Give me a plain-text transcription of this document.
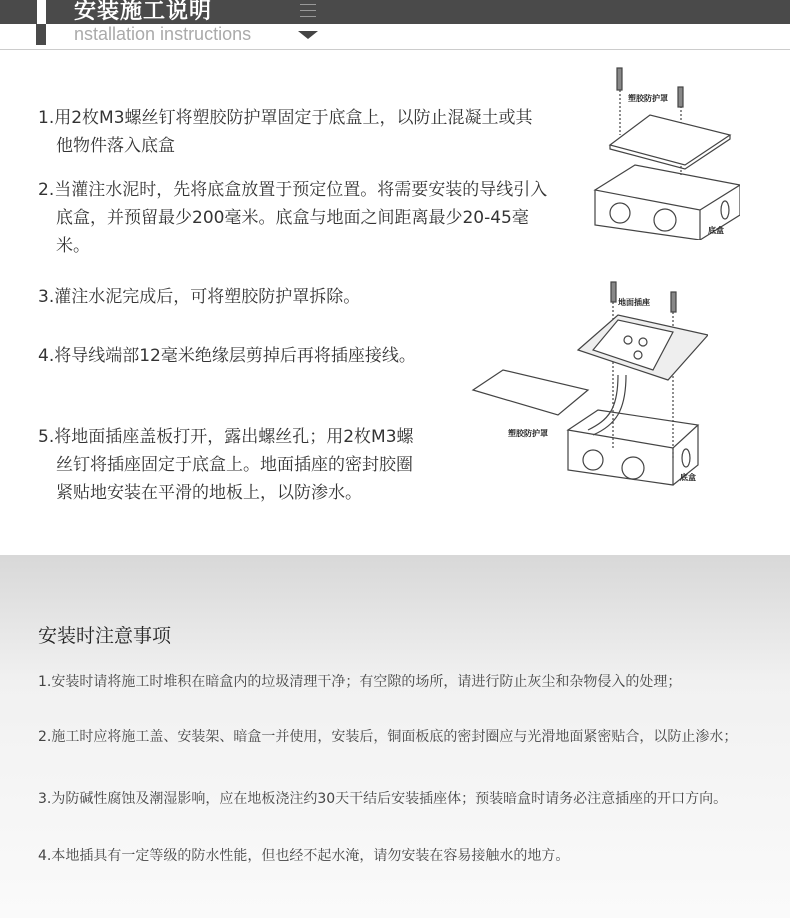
安装施工说明
nstallation instructions
1.用2枚M3螺丝钉将塑胶防护罩固定于底盒上，以防止混凝土或其他物件落入底盒
2.当灌注水泥时，先将底盒放置于预定位置。将需要安装的导线引入底盒，并预留最少200毫米。底盒与地面之间距离最少20-45毫米。
3.灌注水泥完成后，可将塑胶防护罩拆除。
4.将导线端部12毫米绝缘层剪掉后再将插座接线。
5.将地面插座盖板打开，露出螺丝孔；用2枚M3螺丝钉将插座固定于底盒上。地面插座的密封胶圈紧贴地安装在平滑的地板上，以防渗水。
塑胶防护罩
底盒
地面插座
塑胶防护罩
底盒
安装时注意事项
1.安装时请将施工时堆积在暗盒内的垃圾清理干净；有空隙的场所，请进行防止灰尘和杂物侵入的处理；
2.施工时应将施工盖、安装架、暗盒一并使用，安装后，铜面板底的密封圈应与光滑地面紧密贴合，以防止渗水；
3.为防碱性腐蚀及潮湿影响，应在地板浇注约30天干结后安装插座体；预装暗盒时请务必注意插座的开口方向。
4.本地插具有一定等级的防水性能，但也经不起水淹，请勿安装在容易接触水的地方。
